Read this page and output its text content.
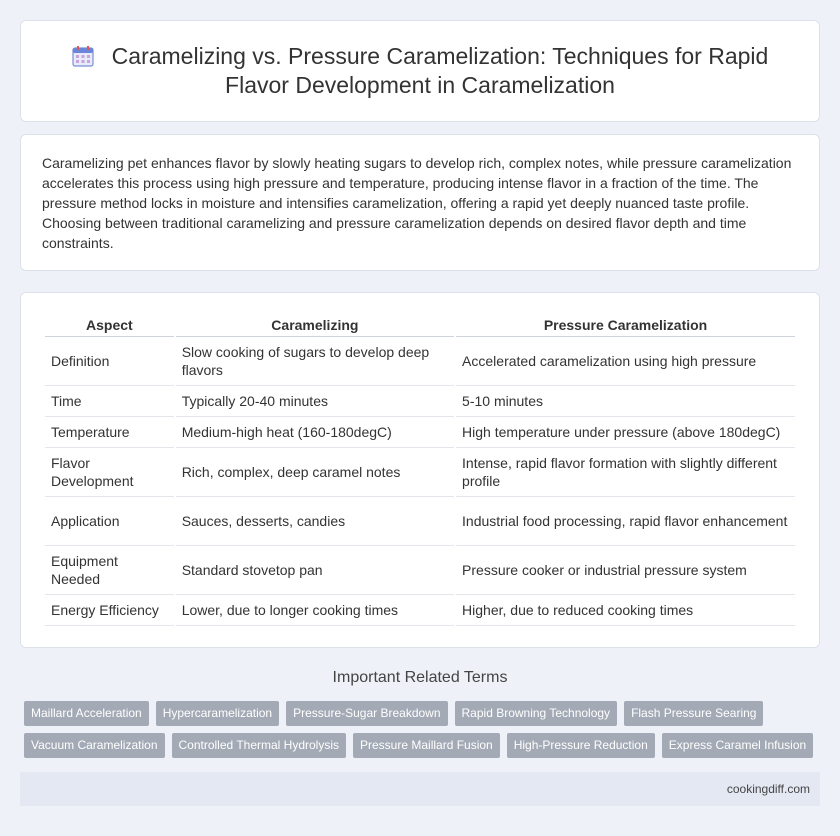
Caramelizing vs. Pressure Caramelization: Techniques for Rapid Flavor Development in Caramelization

Caramelizing pet enhances flavor by slowly heating sugars to develop rich, complex notes, while pressure caramelization accelerates this process using high pressure and temperature, producing intense flavor in a fraction of the time. The pressure method locks in moisture and intensifies caramelization, offering a rapid yet deeply nuanced taste profile. Choosing between traditional caramelizing and pressure caramelization depends on desired flavor depth and time constraints.

Aspect	Caramelizing	Pressure Caramelization
Definition	Slow cooking of sugars to develop deep flavors	Accelerated caramelization using high pressure
Time	Typically 20-40 minutes	5-10 minutes
Temperature	Medium-high heat (160-180degC)	High temperature under pressure (above 180degC)
Flavor Development	Rich, complex, deep caramel notes	Intense, rapid flavor formation with slightly different profile
Application	Sauces, desserts, candies	Industrial food processing, rapid flavor enhancement
Equipment Needed	Standard stovetop pan	Pressure cooker or industrial pressure system
Energy Efficiency	Lower, due to longer cooking times	Higher, due to reduced cooking times
Important Related Terms
Maillard Acceleration	Hypercaramelization	Pressure-Sugar Breakdown	Rapid Browning Technology	Flash Pressure Searing
Vacuum Caramelization	Controlled Thermal Hydrolysis	Pressure Maillard Fusion	High-Pressure Reduction	Express Caramel Infusion
cookingdiff.com
